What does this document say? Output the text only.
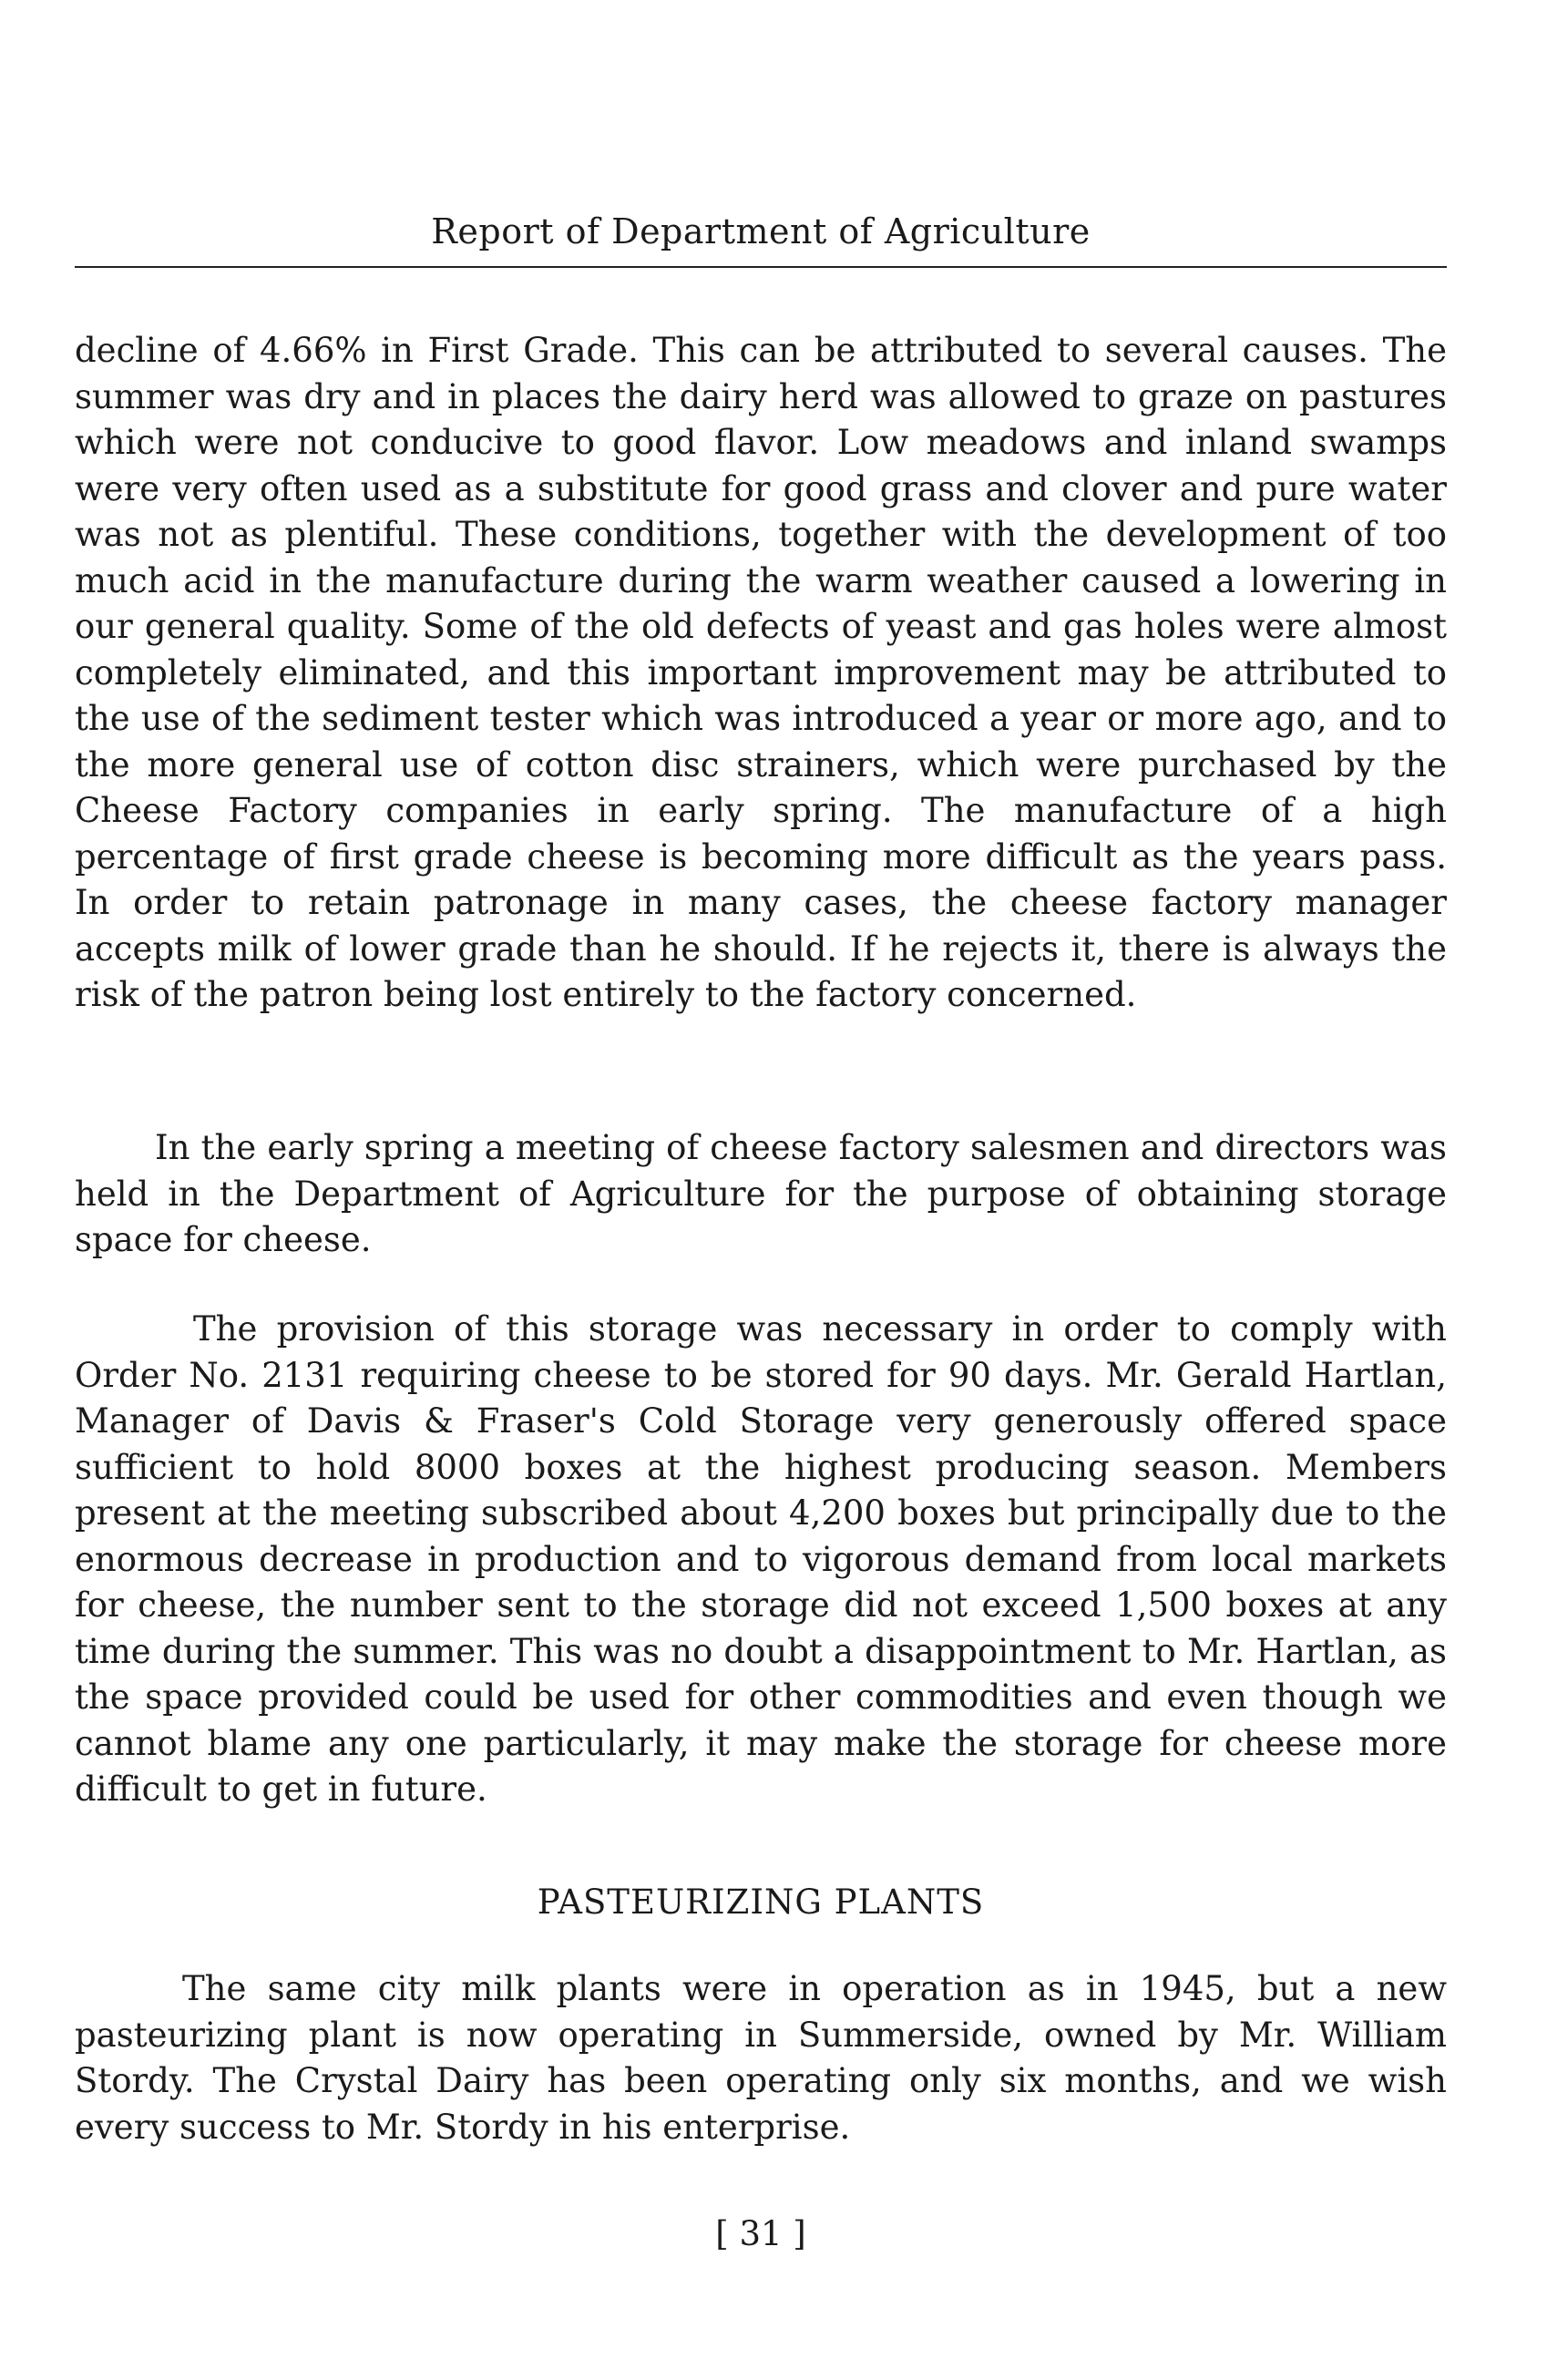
Report of Department of Agriculture

decline of 4.66% in First Grade. This can be attributed to several causes. The summer was dry and in places the dairy herd was allowed to graze on pastures which were not conducive to good flavor. Low meadows and inland swamps were very often used as a substitute for good grass and clover and pure water was not as plentiful. These conditions, together with the development of too much acid in the manufacture during the warm weather caused a lowering in our general quality. Some of the old defects of yeast and gas holes were almost completely eliminated, and this important improvement may be attributed to the use of the sediment tester which was introduced a year or more ago, and to the more general use of cotton disc strainers, which were purchased by the Cheese Factory companies in early spring. The manufacture of a high percentage of first grade cheese is becoming more difficult as the years pass. In order to retain patronage in many cases, the cheese factory manager accepts milk of lower grade than he should. If he rejects it, there is always the risk of the patron being lost entirely to the factory concerned.

In the early spring a meeting of cheese factory salesmen and directors was held in the Department of Agriculture for the purpose of obtaining storage space for cheese.

The provision of this storage was necessary in order to comply with Order No. 2131 requiring cheese to be stored for 90 days. Mr. Gerald Hartlan, Manager of Davis & Fraser's Cold Storage very generously offered space sufficient to hold 8000 boxes at the highest producing season. Members present at the meeting subscribed about 4,200 boxes but principally due to the enormous decrease in production and to vigorous demand from local markets for cheese, the number sent to the storage did not exceed 1,500 boxes at any time during the summer. This was no doubt a disappointment to Mr. Hartlan, as the space provided could be used for other commodities and even though we cannot blame any one particularly, it may make the storage for cheese more difficult to get in future.

PASTEURIZING PLANTS

The same city milk plants were in operation as in 1945, but a new pasteurizing plant is now operating in Summerside, owned by Mr. William Stordy. The Crystal Dairy has been operating only six months, and we wish every success to Mr. Stordy in his enterprise.

[ 31 ]
